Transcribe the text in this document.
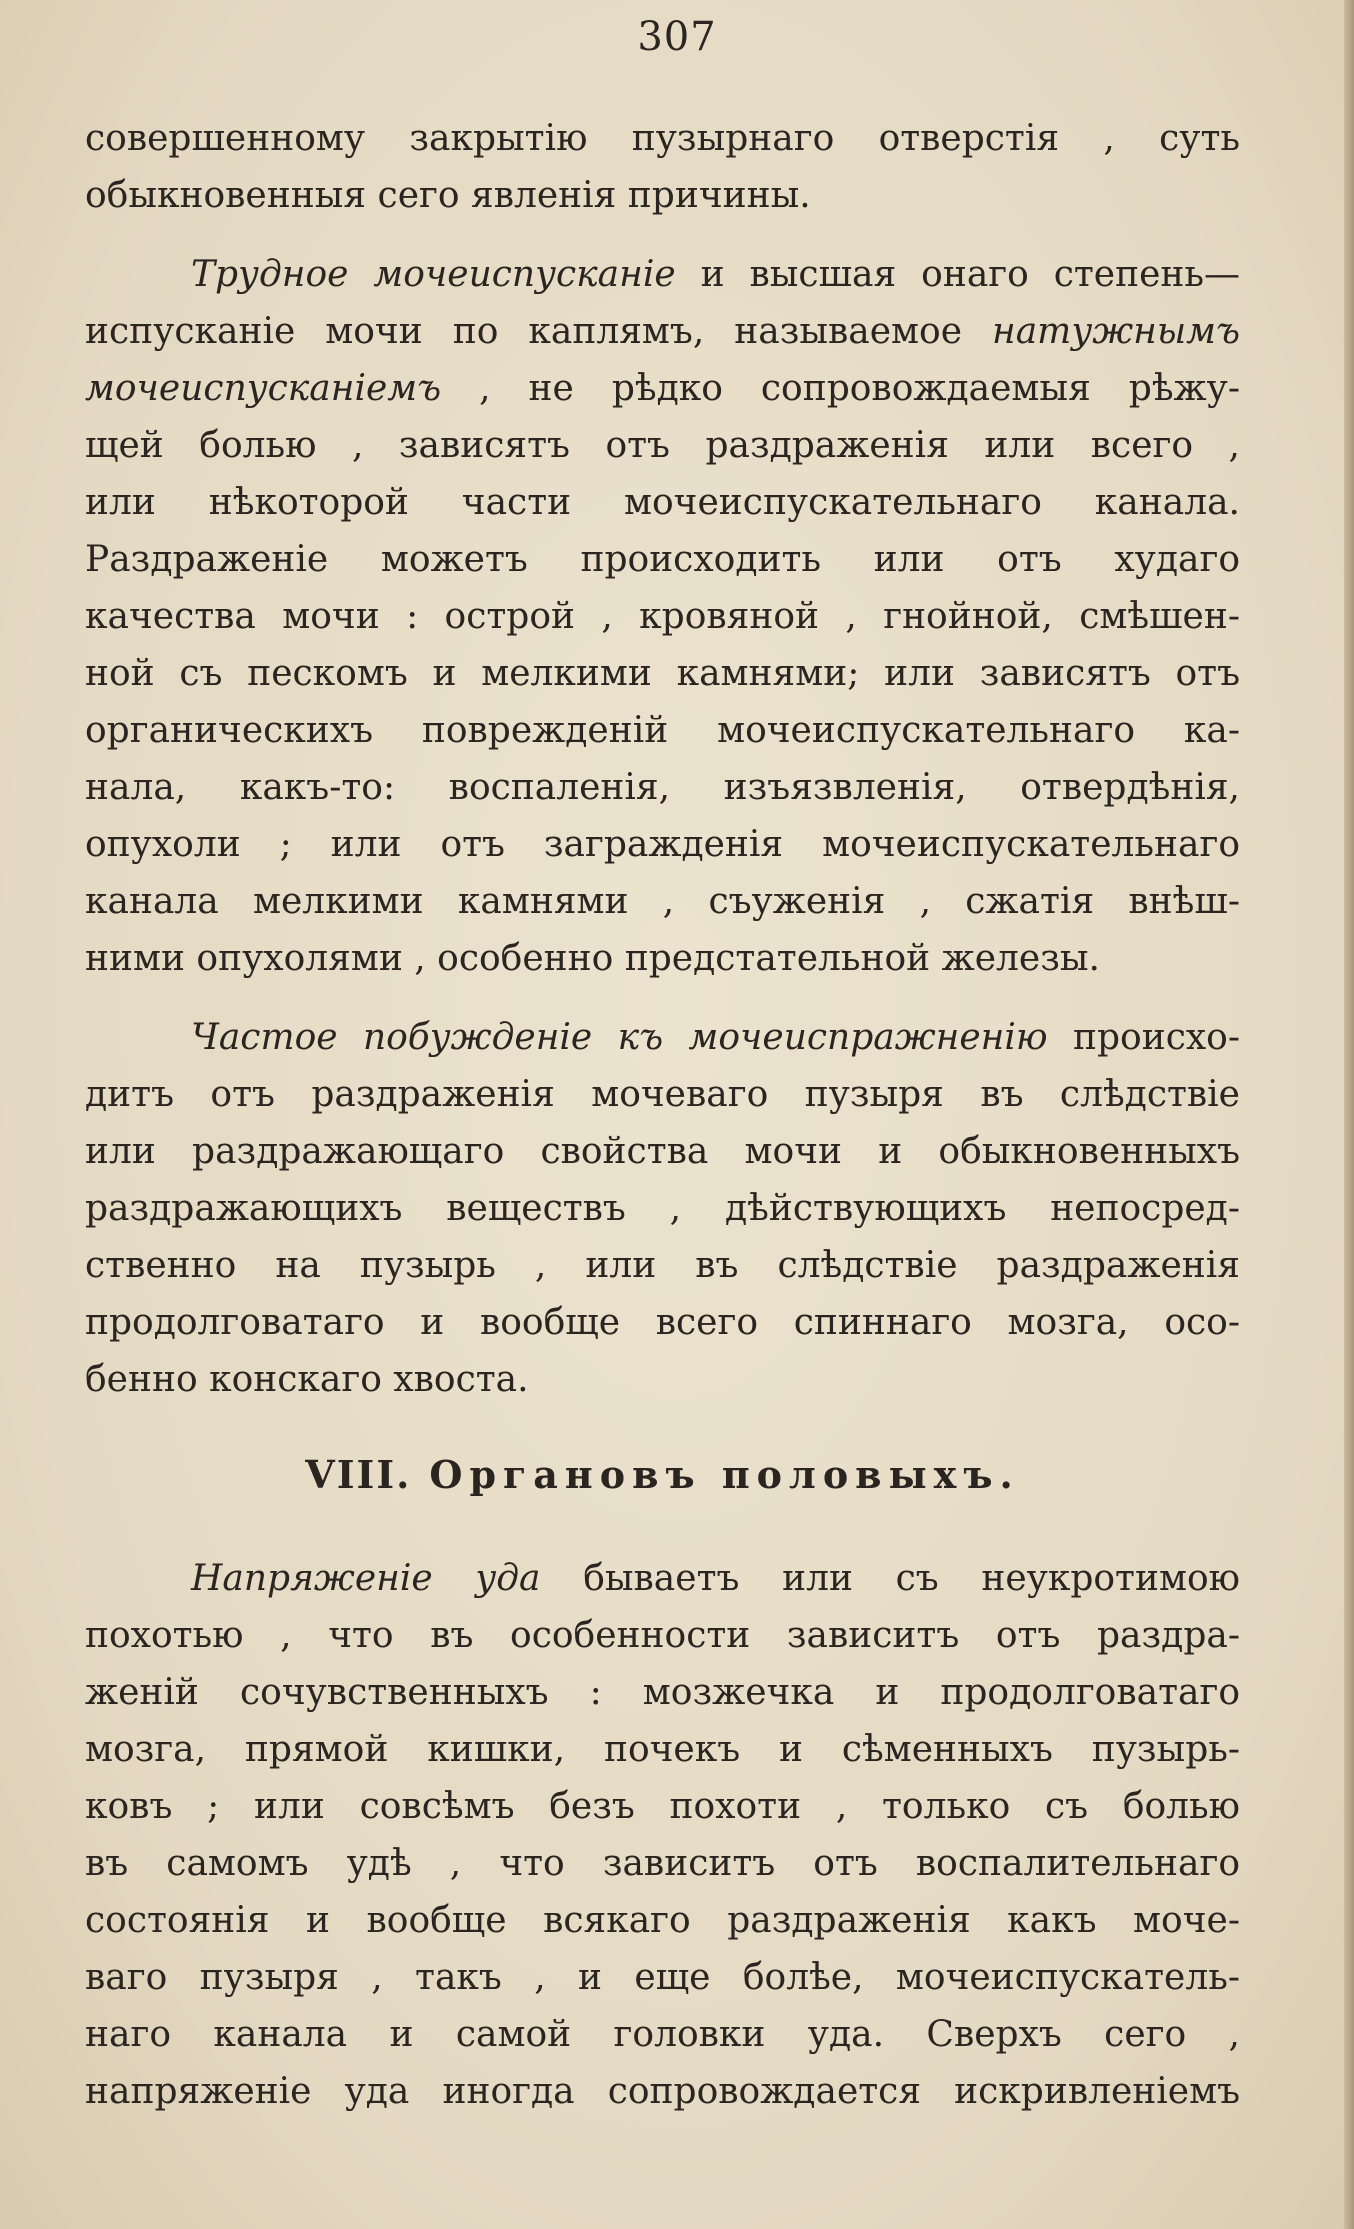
307
совершенному закрытію пузырнаго отверстія , суть
обыкновенныя сего явленія причины.
Трудное мочеиспусканіе и высшая онаго степень—
испусканіе мочи по каплямъ, называемое натужнымъ
мочеиспусканіемъ , не рѣдко сопровождаемыя рѣжу-
щей болью , зависятъ отъ раздраженія или всего ,
или нѣкоторой части мочеиспускательнаго канала.
Раздраженіе можетъ происходить или отъ худаго
качества мочи : острой , кровяной , гнойной, смѣшен-
ной съ пескомъ и мелкими камнями; или зависятъ отъ
органическихъ поврежденій мочеиспускательнаго ка-
нала, какъ-то: воспаленія, изъязвленія, отвердѣнія,
опухоли ; или отъ загражденія мочеиспускательнаго
канала мелкими камнями , съуженія , сжатія внѣш-
ними опухолями , особенно предстательной железы.
Частое побужденіе къ мочеиспражненію происхо-
дитъ отъ раздраженія мочеваго пузыря въ слѣдствіе
или раздражающаго свойства мочи и обыкновенныхъ
раздражающихъ веществъ , дѣйствующихъ непосред-
ственно на пузырь , или въ слѣдствіе раздраженія
продолговатаго и вообще всего спиннаго мозга, осо-
бенно конскаго хвоста.
VIII. Органовъ половыхъ.
Напряженіе уда бываетъ или съ неукротимою
похотью , что въ особенности зависитъ отъ раздра-
женій сочувственныхъ : мозжечка и продолговатаго
мозга, прямой кишки, почекъ и сѣменныхъ пузырь-
ковъ ; или совсѣмъ безъ похоти , только съ болью
въ самомъ удѣ , что зависитъ отъ воспалительнаго
состоянія и вообще всякаго раздраженія какъ моче-
ваго пузыря , такъ , и еще болѣе, мочеиспускатель-
наго канала и самой головки уда. Сверхъ сего ,
напряженіе уда иногда сопровождается искривленіемъ
